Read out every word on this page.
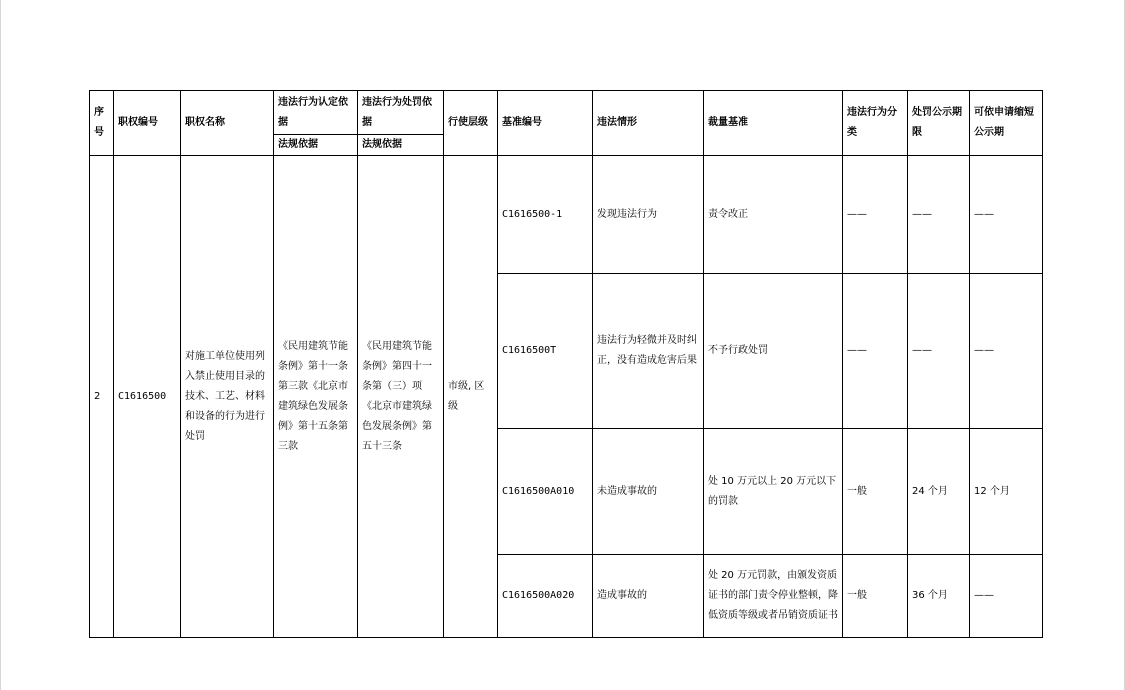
序号	职权编号	职权名称	违法行为认定依据	违法行为处罚依据	行使层级	基准编号	违法情形	裁量基准	违法行为分类	处罚公示期限	可依申请缩短公示期
			法规依据	法规依据							
2	C1616500	对施工单位使用列入禁止使用目录的技术、工艺、材料和设备的行为进行处罚	《民用建筑节能条例》第十一条第三款《北京市建筑绿色发展条例》第十五条第三款	《民用建筑节能条例》第四十一条第（三）项《北京市建筑绿色发展条例》第五十三条	市级, 区级	C1616500-1	发现违法行为	责令改正	——	——	——
						C1616500T	违法行为轻微并及时纠正，没有造成危害后果	不予行政处罚	——	——	——
						C1616500A010	未造成事故的	处 10 万元以上 20 万元以下的罚款	一般	24 个月	12 个月
						C1616500A020	造成事故的	处 20 万元罚款，由颁发资质证书的部门责令停业整顿，降低资质等级或者吊销资质证书	一般	36 个月	——
